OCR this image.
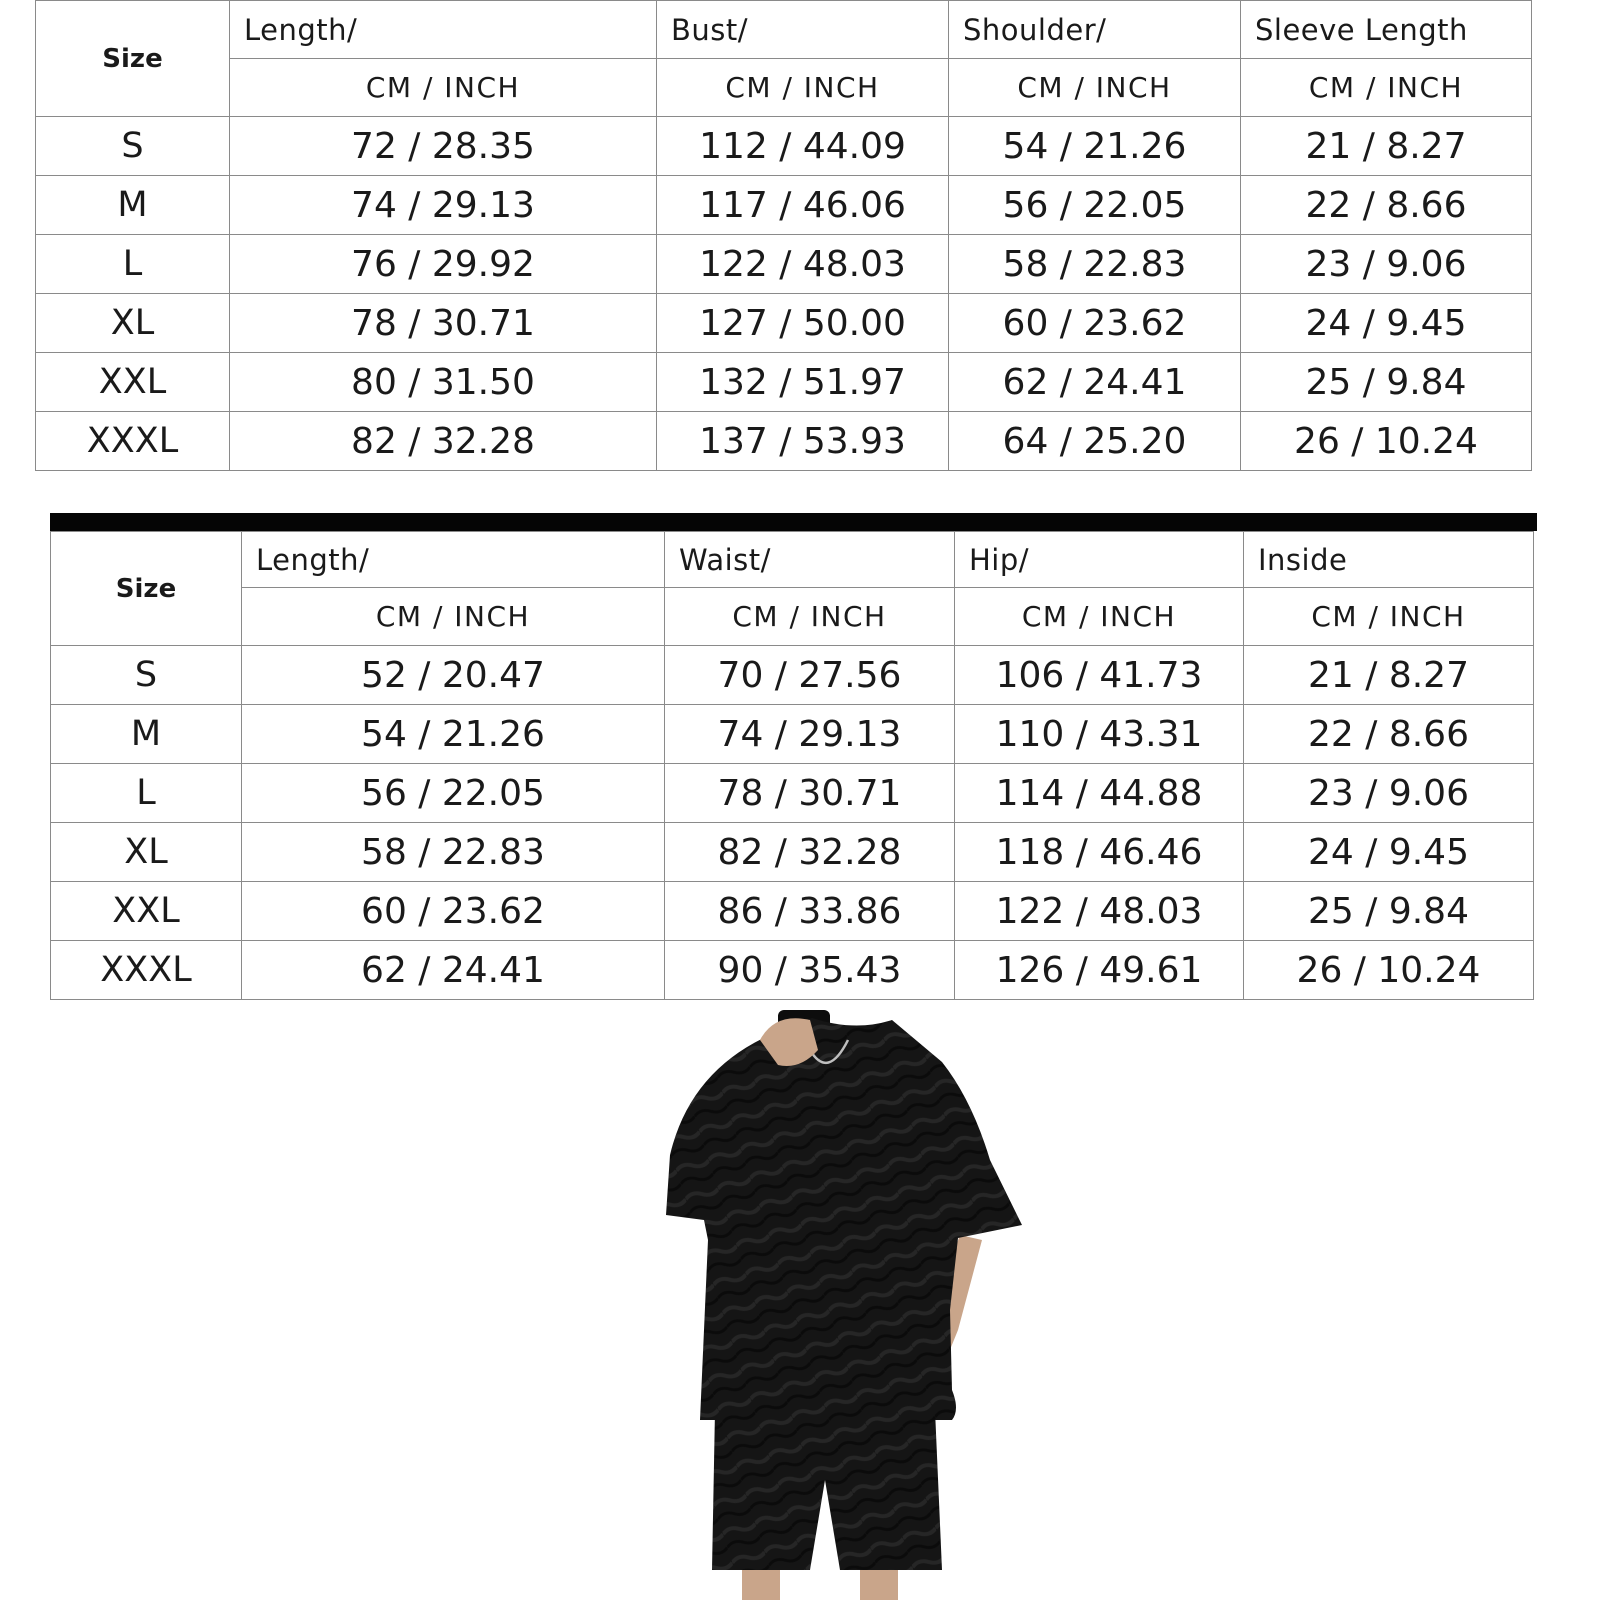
Size	Length/	Bust/	Shoulder/	Sleeve Length
	CM / INCH	CM / INCH	CM / INCH	CM / INCH
S	72 / 28.35	112 / 44.09	54 / 21.26	21 / 8.27
M	74 / 29.13	117 / 46.06	56 / 22.05	22 / 8.66
L	76 / 29.92	122 / 48.03	58 / 22.83	23 / 9.06
XL	78 / 30.71	127 / 50.00	60 / 23.62	24 / 9.45
XXL	80 / 31.50	132 / 51.97	62 / 24.41	25 / 9.84
XXXL	82 / 32.28	137 / 53.93	64 / 25.20	26 / 10.24
Size	Length/	Waist/	Hip/	Inside
	CM / INCH	CM / INCH	CM / INCH	CM / INCH
S	52 / 20.47	70 / 27.56	106 / 41.73	21 / 8.27
M	54 / 21.26	74 / 29.13	110 / 43.31	22 / 8.66
L	56 / 22.05	78 / 30.71	114 / 44.88	23 / 9.06
XL	58 / 22.83	82 / 32.28	118 / 46.46	24 / 9.45
XXL	60 / 23.62	86 / 33.86	122 / 48.03	25 / 9.84
XXXL	62 / 24.41	90 / 35.43	126 / 49.61	26 / 10.24
